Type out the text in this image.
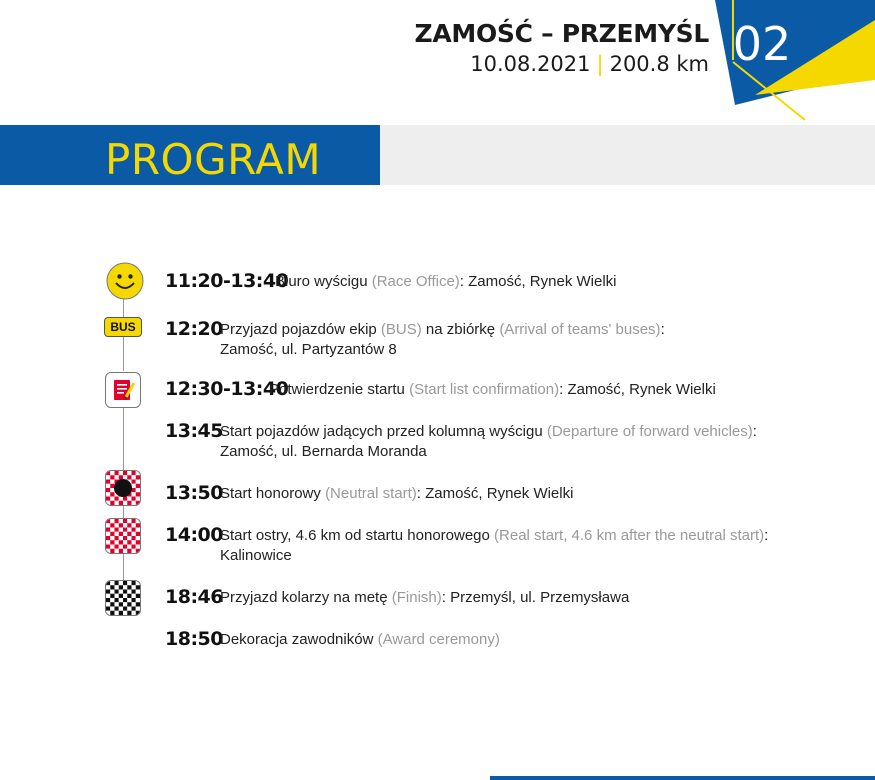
ZAMOŚĆ – PRZEMYŚL
10.08.2021 | 200.8 km 02
PROGRAM
BUS
11:20-13:40
Biuro wyścigu (Race Office): Zamość, Rynek Wielki
12:20
Przyjazd pojazdów ekip (BUS) na zbiórkę (Arrival of teams' buses):
Zamość, ul. Partyzantów 8
12:30-13:40
Potwierdzenie startu (Start list confirmation): Zamość, Rynek Wielki
13:45
Start pojazdów jadących przed kolumną wyścigu (Departure of forward vehicles):
Zamość, ul. Bernarda Moranda
13:50
Start honorowy (Neutral start): Zamość, Rynek Wielki
14:00
Start ostry, 4.6 km od startu honorowego (Real start, 4.6 km after the neutral start):
Kalinowice
18:46
Przyjazd kolarzy na metę (Finish): Przemyśl, ul. Przemysława
18:50
Dekoracja zawodników (Award ceremony)
